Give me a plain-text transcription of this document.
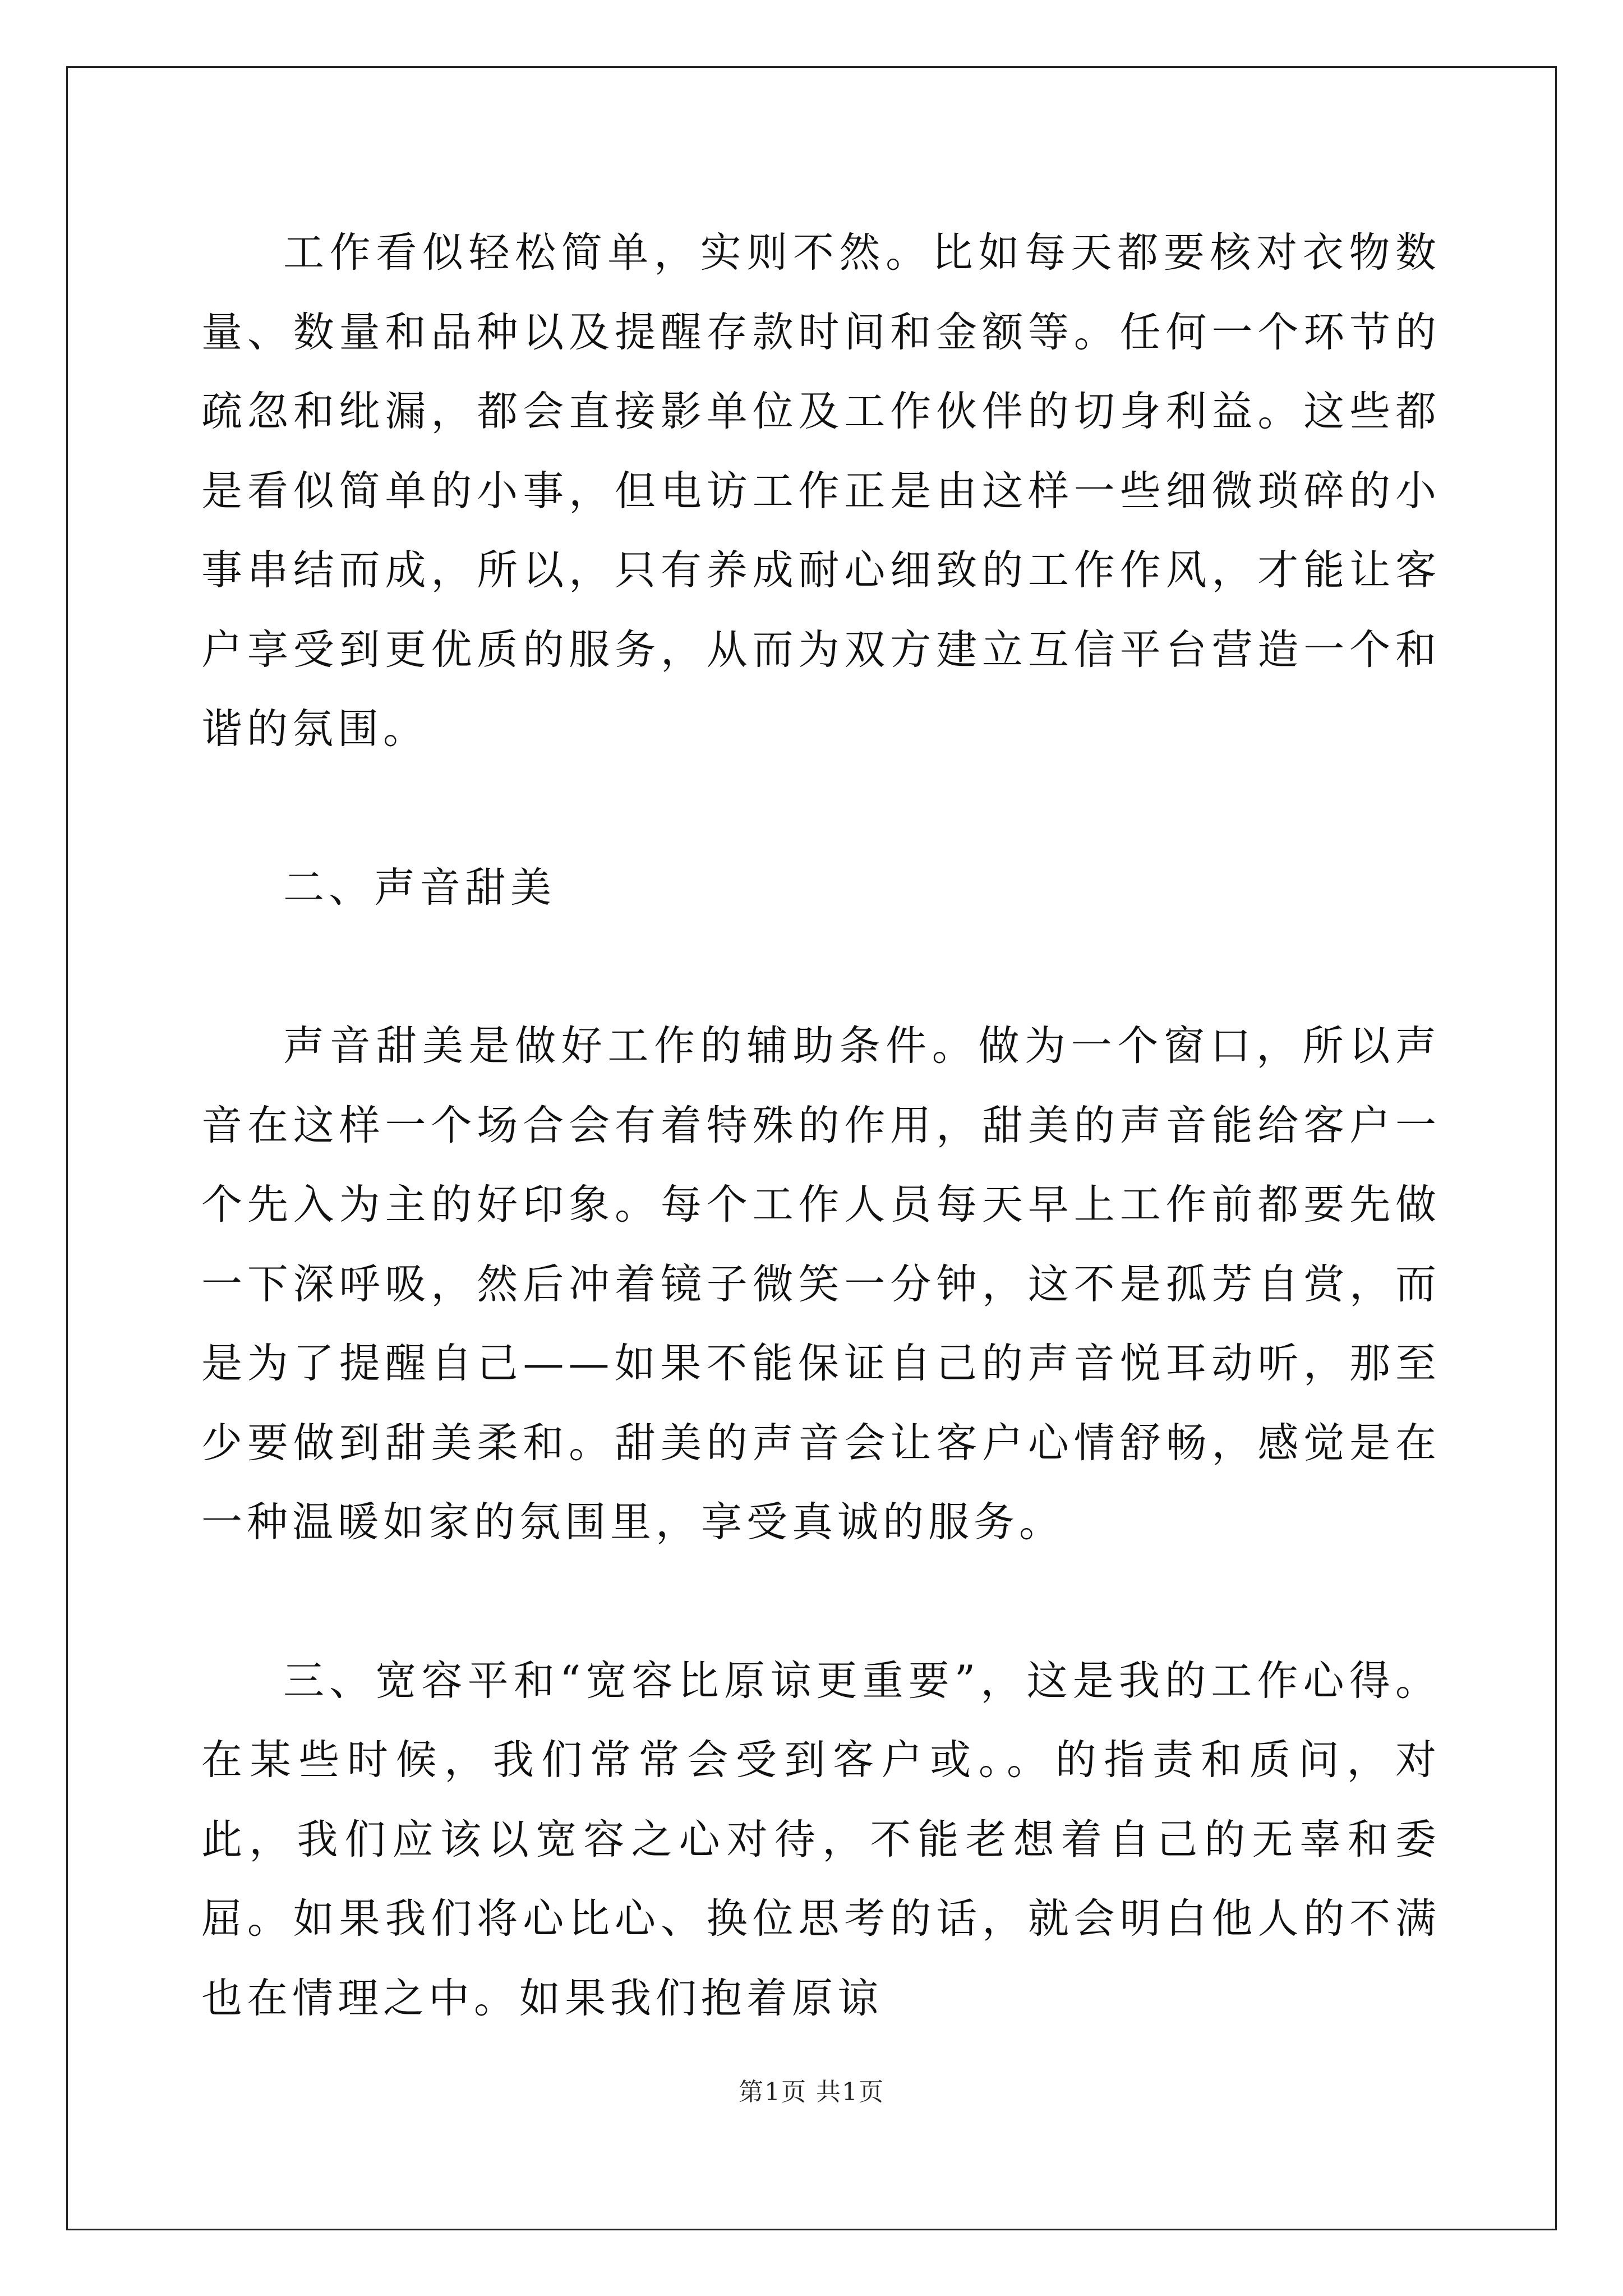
工作看似轻松简单，实则不然。比如每天都要核对衣物数量、数量和品种以及提醒存款时间和金额等。任何一个环节的疏忽和纰漏，都会直接影单位及工作伙伴的切身利益。这些都是看似简单的小事，但电访工作正是由这样一些细微琐碎的小事串结而成，所以，只有养成耐心细致的工作作风，才能让客户享受到更优质的服务，从而为双方建立互信平台营造一个和谐的氛围。

二、声音甜美

声音甜美是做好工作的辅助条件。做为一个窗口，所以声音在这样一个场合会有着特殊的作用，甜美的声音能给客户一个先入为主的好印象。每个工作人员每天早上工作前都要先做一下深呼吸，然后冲着镜子微笑一分钟，这不是孤芳自赏，而是为了提醒自己——如果不能保证自己的声音悦耳动听，那至少要做到甜美柔和。甜美的声音会让客户心情舒畅，感觉是在一种温暖如家的氛围里，享受真诚的服务。

三、宽容平和“宽容比原谅更重要”，这是我的工作心得。在某些时候，我们常常会受到客户或。。的指责和质问，对此，我们应该以宽容之心对待，不能老想着自己的无辜和委屈。如果我们将心比心、换位思考的话，就会明白他人的不满也在情理之中。如果我们抱着原谅

第1页 共1页
